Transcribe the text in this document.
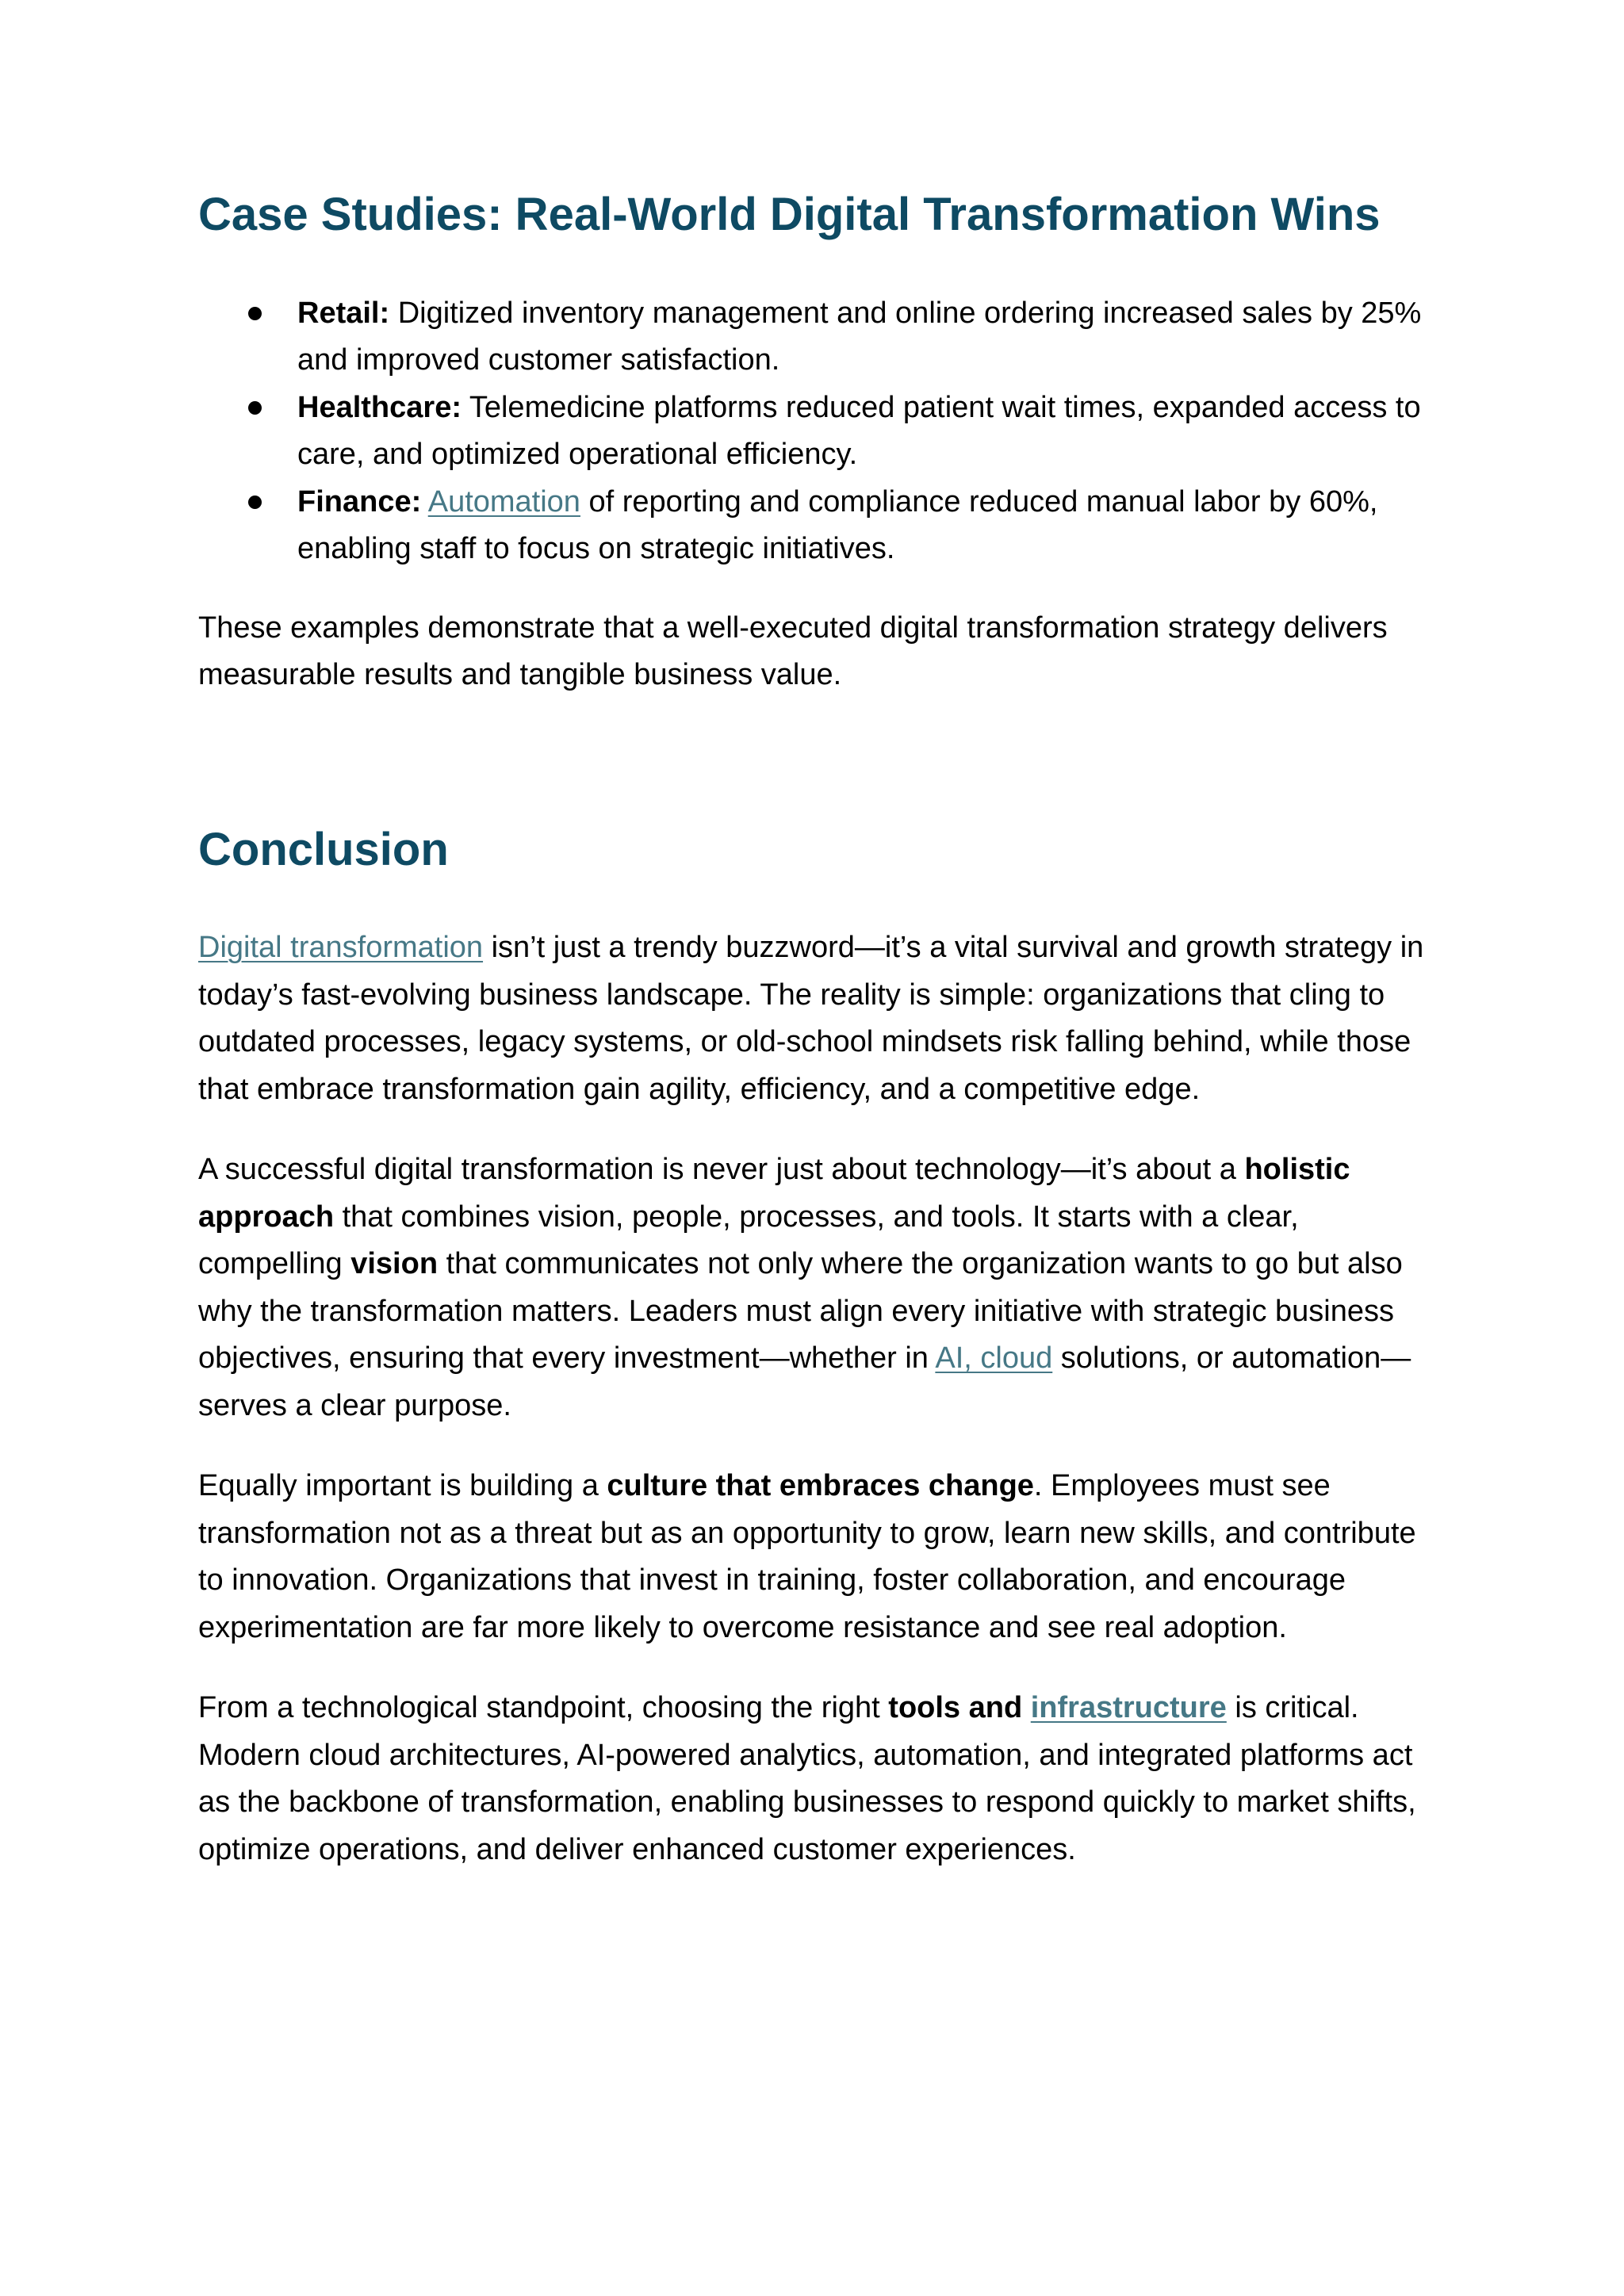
Case Studies: Real-World Digital Transformation Wins
Retail: Digitized inventory management and online ordering increased sales by 25% and improved customer satisfaction.
Healthcare: Telemedicine platforms reduced patient wait times, expanded access to care, and optimized operational efficiency.
Finance: Automation of reporting and compliance reduced manual labor by 60%, enabling staff to focus on strategic initiatives.

These examples demonstrate that a well-executed digital transformation strategy delivers measurable results and tangible business value.

Conclusion

Digital transformation isn’t just a trendy buzzword—it’s a vital survival and growth strategy in today’s fast-evolving business landscape. The reality is simple: organizations that cling to outdated processes, legacy systems, or old-school mindsets risk falling behind, while those that embrace transformation gain agility, efficiency, and a competitive edge.

A successful digital transformation is never just about technology—it’s about a holistic approach that combines vision, people, processes, and tools. It starts with a clear, compelling vision that communicates not only where the organization wants to go but also why the transformation matters. Leaders must align every initiative with strategic business objectives, ensuring that every investment—whether in AI, cloud solutions, or automation—serves a clear purpose.

Equally important is building a culture that embraces change. Employees must see transformation not as a threat but as an opportunity to grow, learn new skills, and contribute to innovation. Organizations that invest in training, foster collaboration, and encourage experimentation are far more likely to overcome resistance and see real adoption.

From a technological standpoint, choosing the right tools and infrastructure is critical. Modern cloud architectures, AI-powered analytics, automation, and integrated platforms act as the backbone of transformation, enabling businesses to respond quickly to market shifts, optimize operations, and deliver enhanced customer experiences.
